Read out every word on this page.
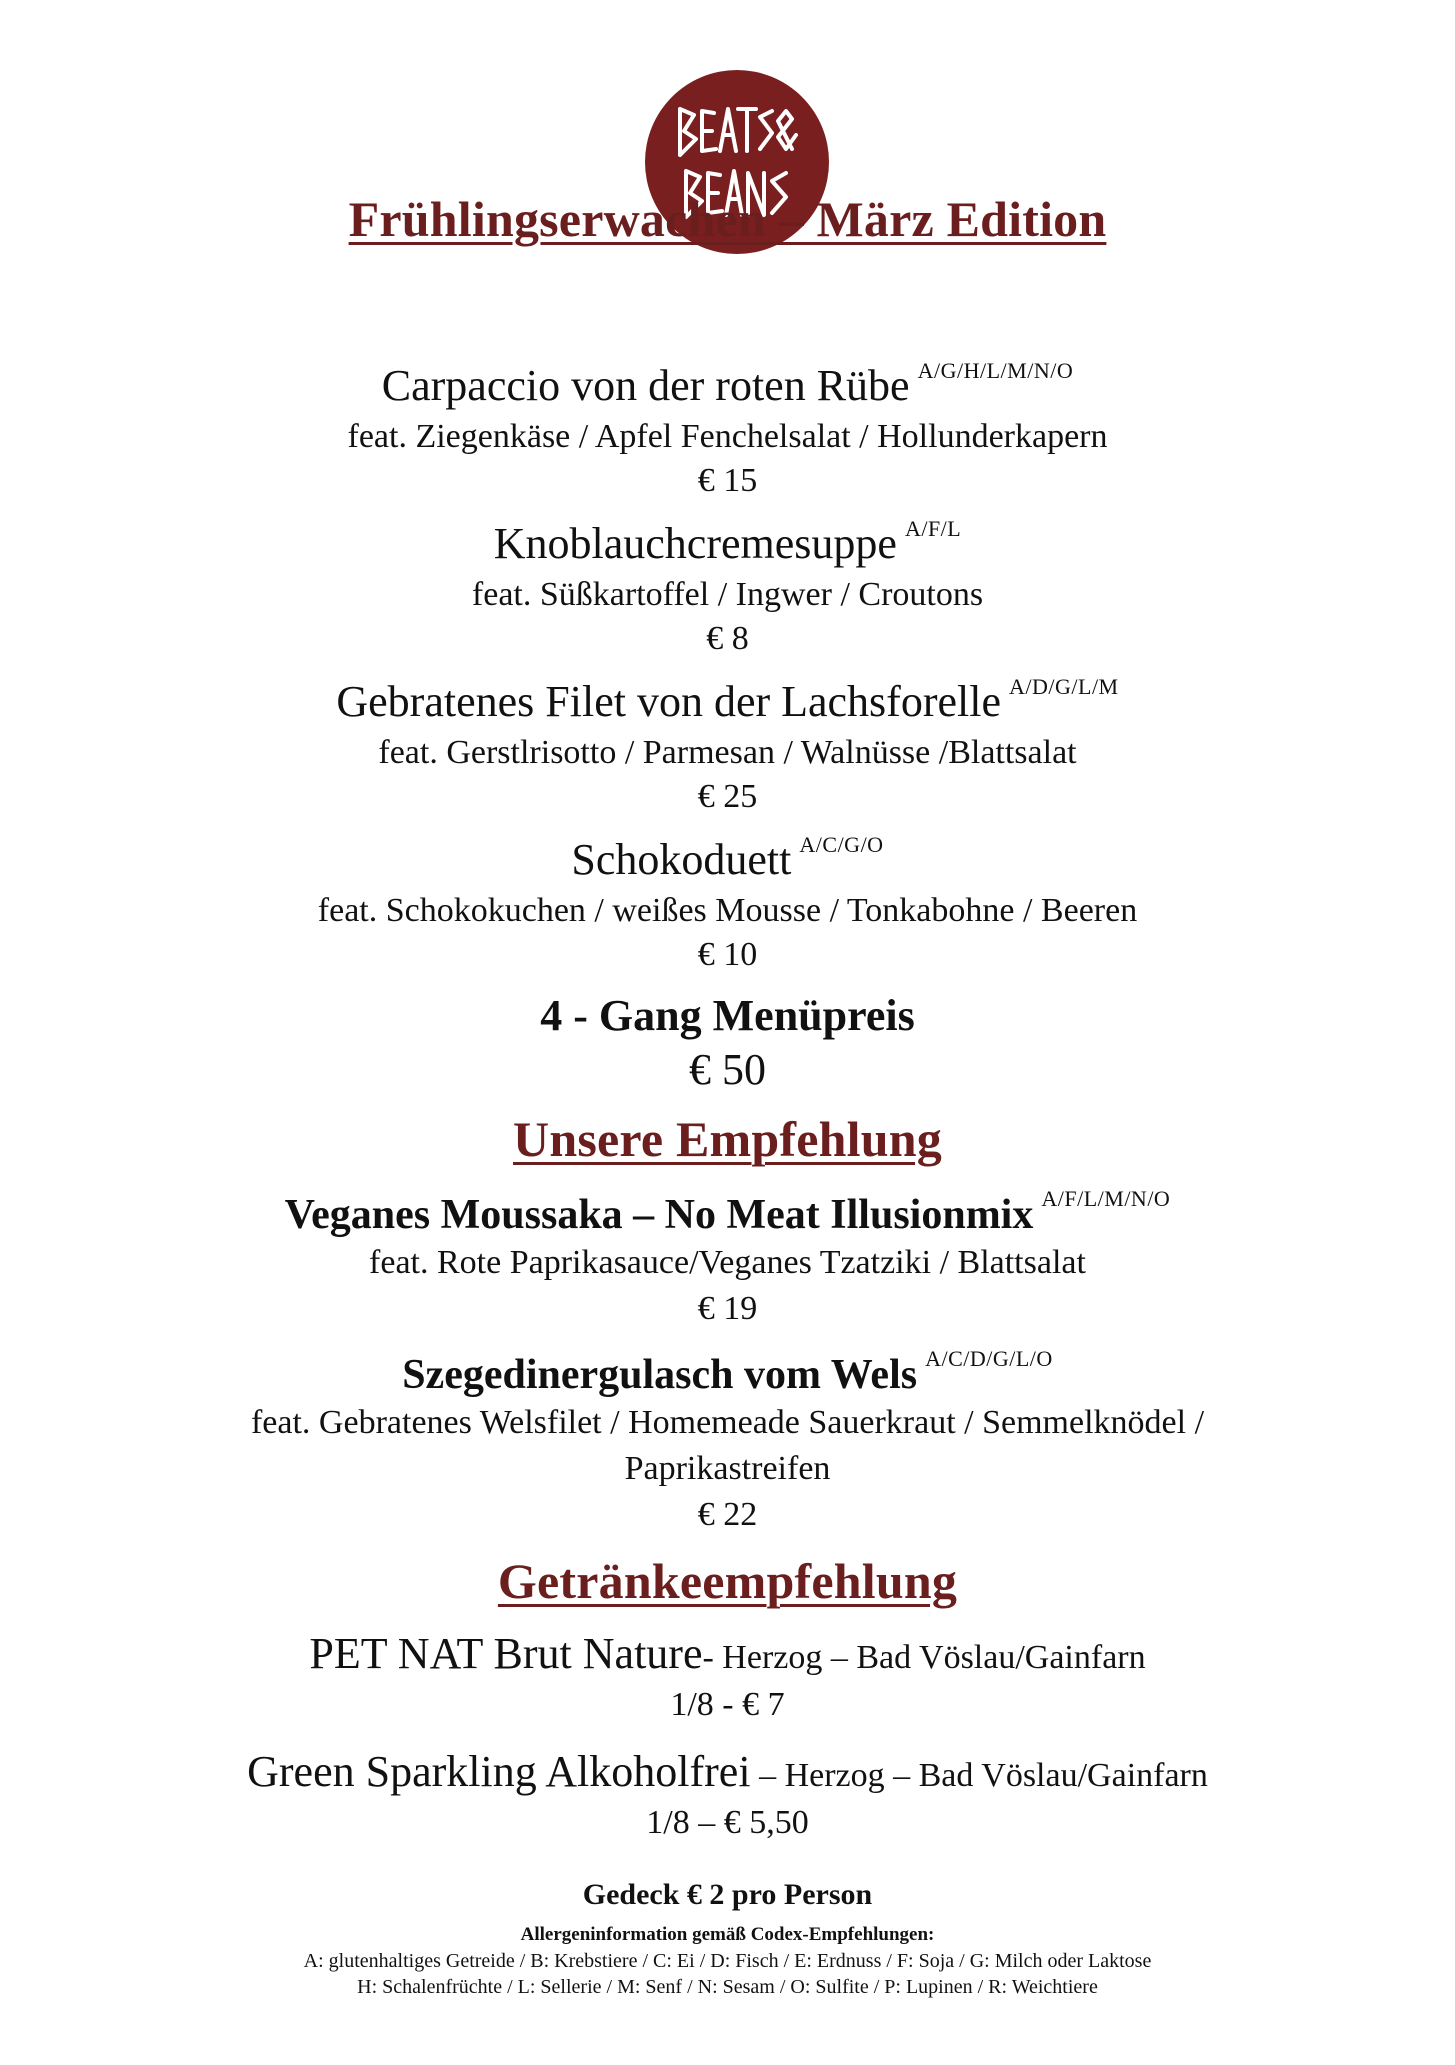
Frühlingserwachen – März Edition
Carpaccio von der roten Rübe $^{A/G/H/L/M/N/O}$
feat. Ziegenkäse / Apfel Fenchelsalat / Hollunderkapern
€ 15
Knoblauchcremesuppe $^{A/F/L}$
feat. Süßkartoffel / Ingwer / Croutons
€ 8
Gebratenes Filet von der Lachsforelle $^{A/D/G/L/M}$
feat. Gerstlrisotto / Parmesan / Walnüsse /Blattsalat
€ 25
Schokoduett $^{A/C/G/O}$
feat. Schokokuchen / weißes Mousse / Tonkabohne / Beeren
€ 10
4 - Gang Menüpreis
€ 50
Unsere Empfehlung
Veganes Moussaka – No Meat Illusionmix $^{A/F/L/M/N/O}$
feat. Rote Paprikasauce/Veganes Tzatziki / Blattsalat
€ 19
Szegedinergulasch vom Wels $^{A/C/D/G/L/O}$
feat. Gebratenes Welsfilet / Homemeade Sauerkraut / Semmelknödel /
Paprikastreifen
€ 22
Getränkeempfehlung
PET NAT Brut Nature- Herzog – Bad Vöslau/Gainfarn
1/8 - € 7
Green Sparkling Alkoholfrei – Herzog – Bad Vöslau/Gainfarn
1/8 – € 5,50
Gedeck € 2 pro Person
Allergeninformation gemäß Codex-Empfehlungen:
A: glutenhaltiges Getreide / B: Krebstiere / C: Ei / D: Fisch / E: Erdnuss / F: Soja / G: Milch oder Laktose
H: Schalenfrüchte / L: Sellerie / M: Senf / N: Sesam / O: Sulfite / P: Lupinen / R: Weichtiere
